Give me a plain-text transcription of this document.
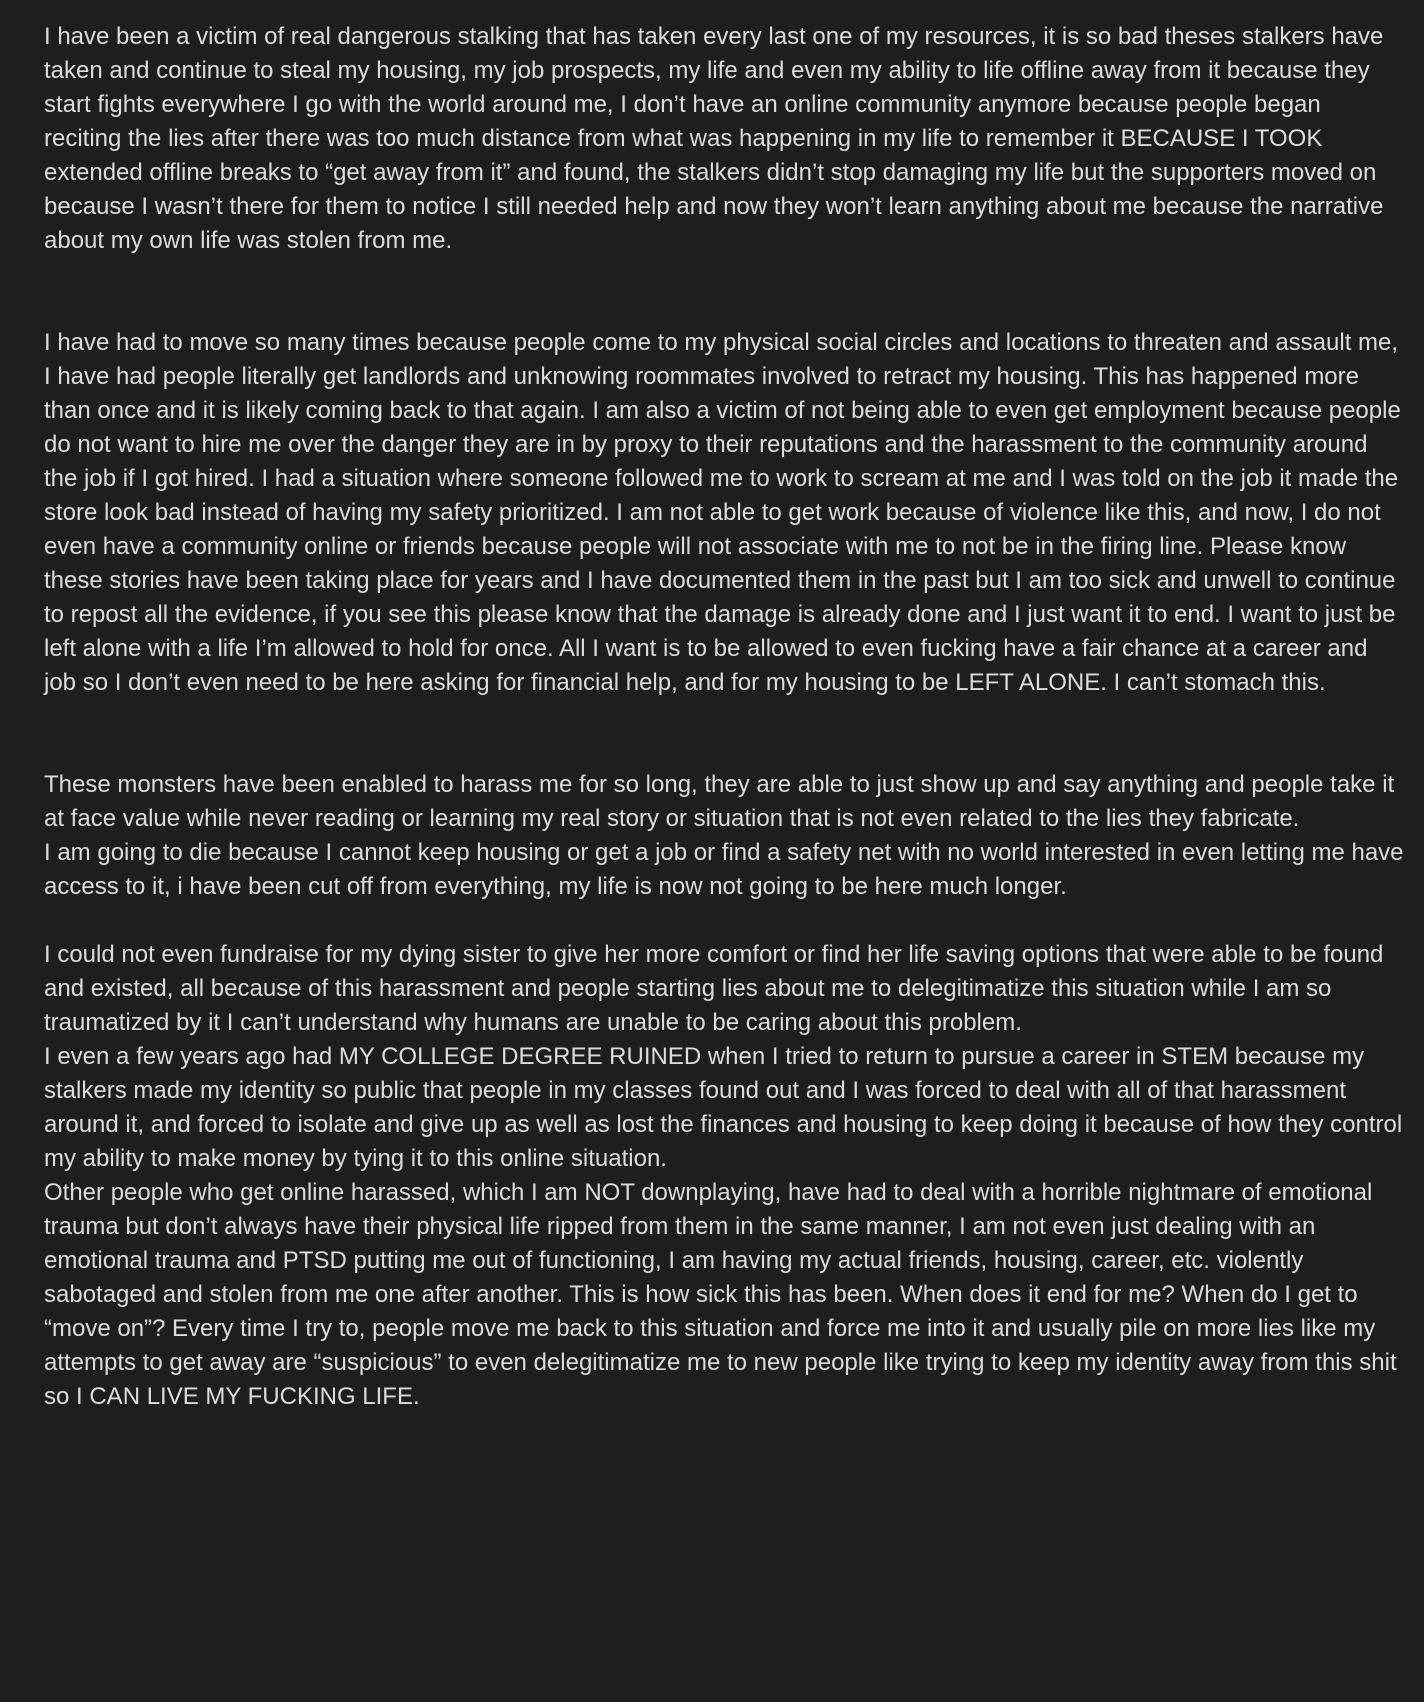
I have been a victim of real dangerous stalking that has taken every last one of my resources, it is so bad theses stalkers have taken and continue to steal my housing, my job prospects, my life and even my ability to life offline away from it because they start fights everywhere I go with the world around me, I don’t have an online community anymore because people began reciting the lies after there was too much distance from what was happening in my life to remember it BECAUSE I TOOK extended offline breaks to “get away from it” and found, the stalkers didn’t stop damaging my life but the supporters moved on because I wasn’t there for them to notice I still needed help and now they won’t learn anything about me because the narrative about my own life was stolen from me.

I have had to move so many times because people come to my physical social circles and locations to threaten and assault me, I have had people literally get landlords and unknowing roommates involved to retract my housing. This has happened more than once and it is likely coming back to that again. I am also a victim of not being able to even get employment because people do not want to hire me over the danger they are in by proxy to their reputations and the harassment to the community around the job if I got hired. I had a situation where someone followed me to work to scream at me and I was told on the job it made the store look bad instead of having my safety prioritized. I am not able to get work because of violence like this, and now, I do not even have a community online or friends because people will not associate with me to not be in the firing line. Please know these stories have been taking place for years and I have documented them in the past but I am too sick and unwell to continue to repost all the evidence, if you see this please know that the damage is already done and I just want it to end. I want to just be left alone with a life I’m allowed to hold for once. All I want is to be allowed to even fucking have a fair chance at a career and job so I don’t even need to be here asking for financial help, and for my housing to be LEFT ALONE. I can’t stomach this.

These monsters have been enabled to harass me for so long, they are able to just show up and say anything and people take it at face value while never reading or learning my real story or situation that is not even related to the lies they fabricate.

I am going to die because I cannot keep housing or get a job or find a safety net with no world interested in even letting me have access to it, i have been cut off from everything, my life is now not going to be here much longer.

I could not even fundraise for my dying sister to give her more comfort or find her life saving options that were able to be found and existed, all because of this harassment and people starting lies about me to delegitimatize this situation while I am so traumatized by it I can’t understand why humans are unable to be caring about this problem.

I even a few years ago had MY COLLEGE DEGREE RUINED when I tried to return to pursue a career in STEM because my stalkers made my identity so public that people in my classes found out and I was forced to deal with all of that harassment around it, and forced to isolate and give up as well as lost the finances and housing to keep doing it because of how they control my ability to make money by tying it to this online situation.

Other people who get online harassed, which I am NOT downplaying, have had to deal with a horrible nightmare of emotional trauma but don’t always have their physical life ripped from them in the same manner, I am not even just dealing with an emotional trauma and PTSD putting me out of functioning, I am having my actual friends, housing, career, etc. violently sabotaged and stolen from me one after another. This is how sick this has been. When does it end for me? When do I get to “move on”? Every time I try to, people move me back to this situation and force me into it and usually pile on more lies like my attempts to get away are “suspicious” to even delegitimatize me to new people like trying to keep my identity away from this shit so I CAN LIVE MY FUCKING LIFE.
